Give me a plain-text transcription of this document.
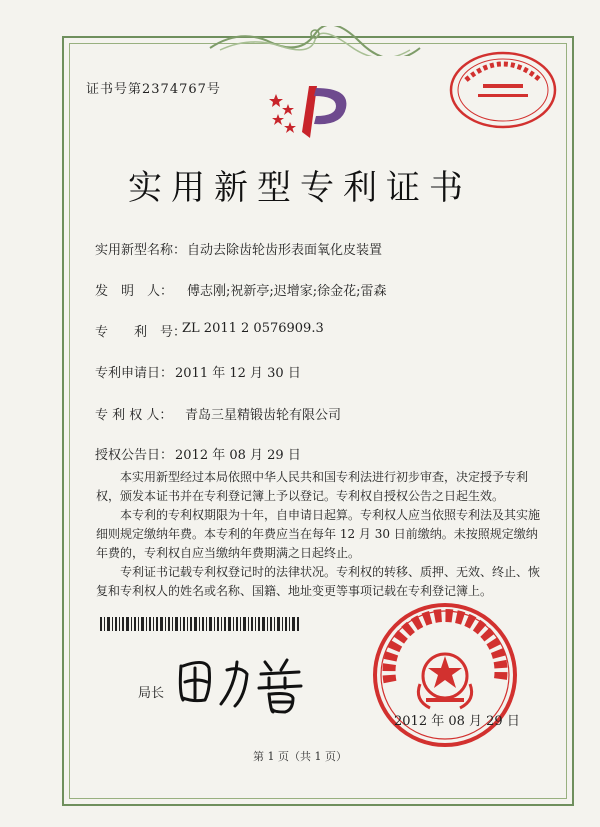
证书号第2374767号
实用新型专利证书
实用新型名称： 自动去除齿轮齿形表面氧化皮装置
发　明　人： 傅志刚;祝新亭;迟增家;徐金花;雷森
专　　利　号：
ZL 2011 2 0576909.3
专利申请日： 2011 年 12 月 30 日
专 利 权 人： 青岛三星精锻齿轮有限公司
授权公告日： 2012 年 08 月 29 日

本实用新型经过本局依照中华人民共和国专利法进行初步审查，决定授予专利权，颁发本证书并在专利登记簿上予以登记。专利权自授权公告之日起生效。

本专利的专利权期限为十年，自申请日起算。专利权人应当依照专利法及其实施细则规定缴纳年费。本专利的年费应当在每年 12 月 30 日前缴纳。未按照规定缴纳年费的，专利权自应当缴纳年费期满之日起终止。

专利证书记载专利权登记时的法律状况。专利权的转移、质押、无效、终止、恢复和专利权人的姓名或名称、国籍、地址变更等事项记载在专利登记簿上。

局长
2012 年 08 月 29 日
第 1 页（共 1 页）
